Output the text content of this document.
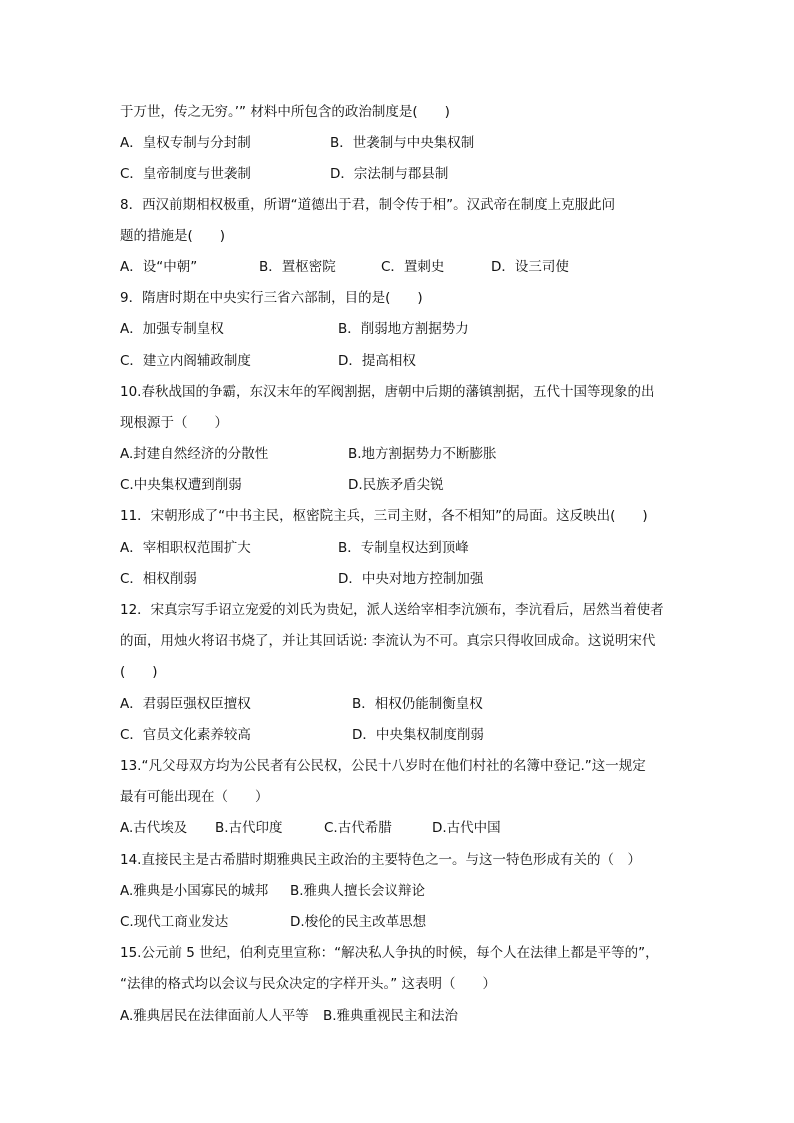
于万世，传之无穷。’” 材料中所包含的政治制度是(　　)
A．皇权专制与分封制	B．世袭制与中央集权制
C．皇帝制度与世袭制	D．宗法制与郡县制
8．西汉前期相权极重，所谓“道德出于君，制令传于相”。汉武帝在制度上克服此问
题的措施是(　　)
A．设“中朝”	B．置枢密院	C．置刺史	D．设三司使
9．隋唐时期在中央实行三省六部制，目的是(　　)
A．加强专制皇权	B．削弱地方割据势力
C．建立内阁辅政制度	D．提高相权
10.春秋战国的争霸，东汉末年的军阀割据，唐朝中后期的藩镇割据，五代十国等现象的出
现根源于（　　）
A.封建自然经济的分散性	B.地方割据势力不断膨胀
C.中央集权遭到削弱	D.民族矛盾尖锐
11．宋朝形成了“中书主民，枢密院主兵，三司主财，各不相知”的局面。这反映出(　　)
A．宰相职权范围扩大	B．专制皇权达到顶峰
C．相权削弱	D．中央对地方控制加强
12．宋真宗写手诏立宠爱的刘氏为贵妃，派人送给宰相李沆颁布，李沆看后，居然当着使者
的面，用烛火将诏书烧了，并让其回话说: 李流认为不可。真宗只得收回成命。这说明宋代
(　　)
A．君弱臣强权臣擅权	B．相权仍能制衡皇权
C．官员文化素养较高	D．中央集权制度削弱
13.“凡父母双方均为公民者有公民权，公民十八岁时在他们村社的名簿中登记.”这一规定
最有可能出现在（　　）
A.古代埃及 B.古代印度	C.古代希腊	D.古代中国
14.直接民主是古希腊时期雅典民主政治的主要特色之一。与这一特色形成有关的（　）
A.雅典是小国寡民的城邦 B.雅典人擅长会议辩论
C.现代工商业发达	D.梭伦的民主改革思想
15.公元前 5 世纪，伯利克里宣称：“解决私人争执的时候，每个人在法律上都是平等的”，
“法律的格式均以会议与民众决定的字样开头。” 这表明（　　）
A.雅典居民在法律面前人人平等 B.雅典重视民主和法治
